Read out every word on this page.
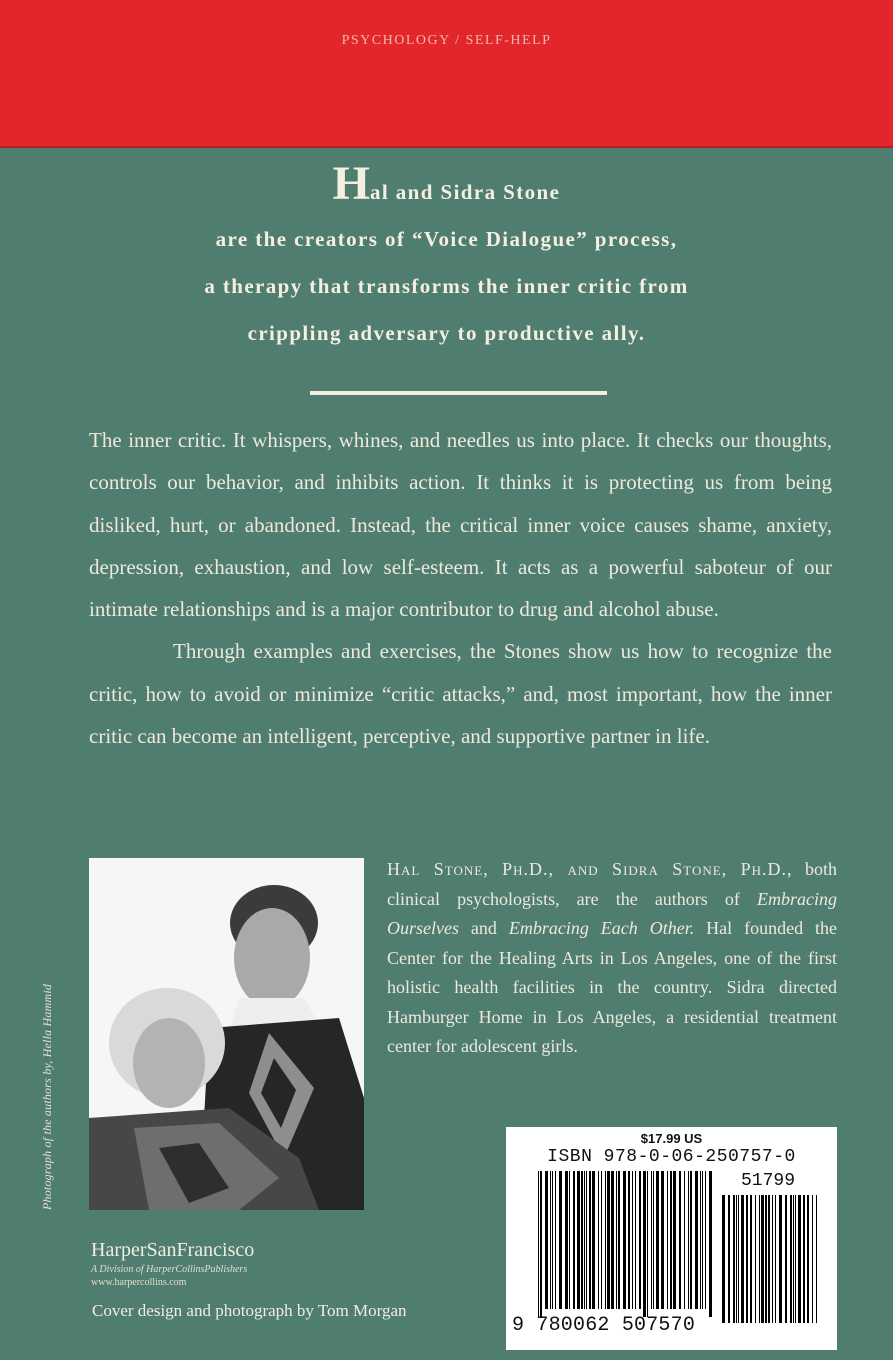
PSYCHOLOGY / SELF-HELP
Hal and Sidra Stone
are the creators of “Voice Dialogue” process,
a therapy that transforms the inner critic from
crippling adversary to productive ally.

The inner critic. It whispers, whines, and needles us into place. It checks our thoughts, controls our behavior, and inhibits action. It thinks it is protecting us from being disliked, hurt, or abandoned. Instead, the critical inner voice causes shame, anxiety, depression, exhaustion, and low self-esteem. It acts as a powerful saboteur of our intimate relationships and is a major contributor to drug and alcohol abuse.

Through examples and exercises, the Stones show us how to recognize the critic, how to avoid or minimize “critic attacks,” and, most important, how the inner critic can become an intelligent, perceptive, and supportive partner in life.

Photograph of the authors by, Hella Hammid
Hal Stone, Ph.D., and Sidra Stone, Ph.D., both clinical psychologists, are the authors of Embracing Ourselves and Embracing Each Other. Hal founded the Center for the Healing Arts in Los Angeles, one of the first holistic health facilities in the country. Sidra directed Hamburger Home in Los Angeles, a residential treatment center for adolescent girls.
$17.99 US
ISBN 978-0-06-250757-0
51799
9 780062 507570
HarperSanFrancisco
A Division of HarperCollinsPublishers
www.harpercollins.com
Cover design and photograph by Tom Morgan
